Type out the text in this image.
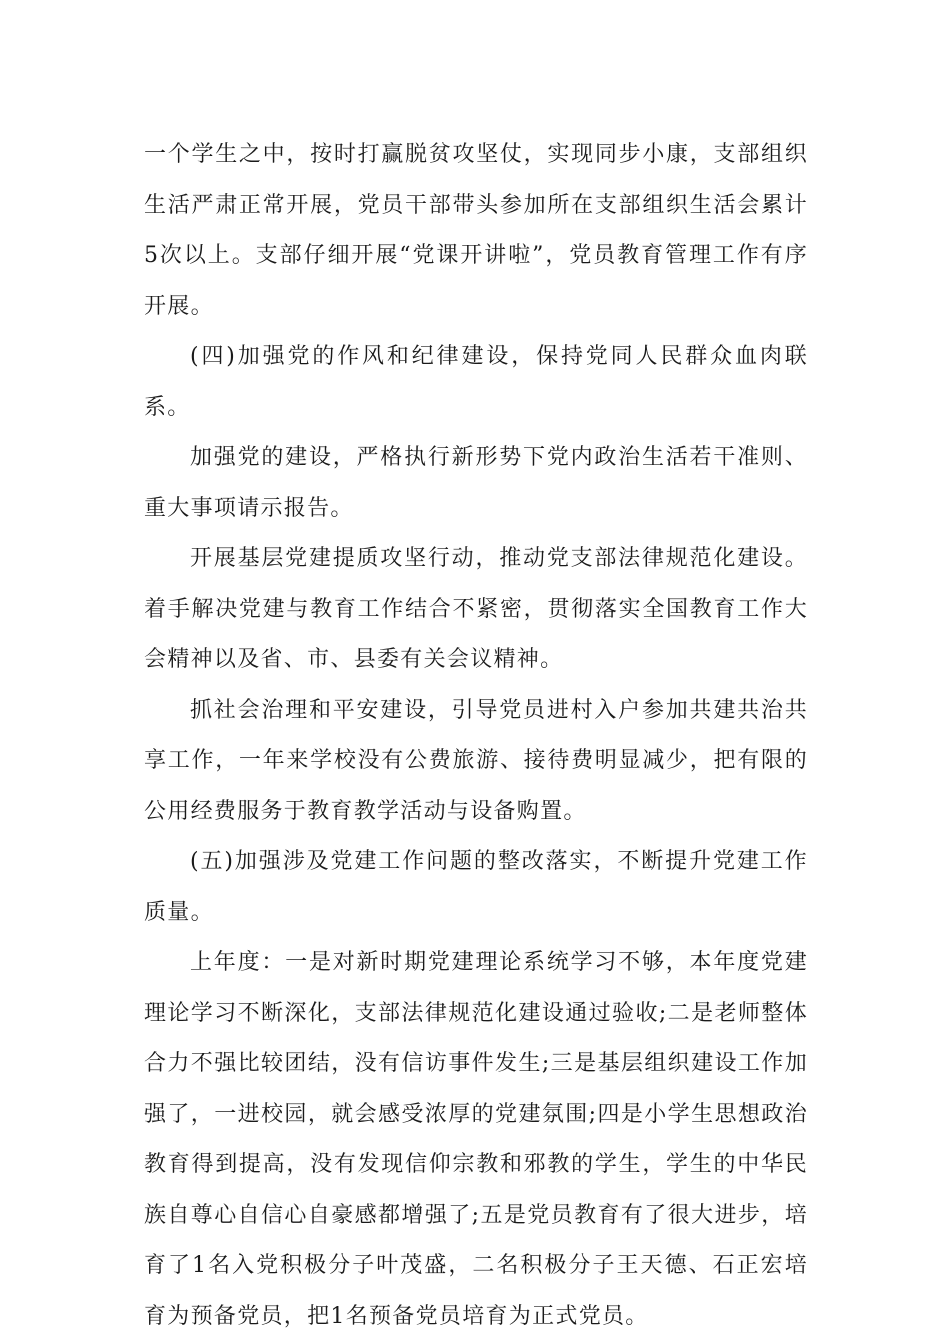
一个学生之中，按时打赢脱贫攻坚仗，实现同步小康，支部组织生活严肃正常开展，党员干部带头参加所在支部组织生活会累计5次以上。支部仔细开展“党课开讲啦”，党员教育管理工作有序开展。

(四)加强党的作风和纪律建设，保持党同人民群众血肉联系。

加强党的建设，严格执行新形势下党内政治生活若干准则、重大事项请示报告。

开展基层党建提质攻坚行动，推动党支部法律规范化建设。着手解决党建与教育工作结合不紧密，贯彻落实全国教育工作大会精神以及省、市、县委有关会议精神。

抓社会治理和平安建设，引导党员进村入户参加共建共治共享工作，一年来学校没有公费旅游、接待费明显减少，把有限的公用经费服务于教育教学活动与设备购置。

(五)加强涉及党建工作问题的整改落实，不断提升党建工作质量。

上年度：一是对新时期党建理论系统学习不够，本年度党建理论学习不断深化，支部法律规范化建设通过验收;二是老师整体合力不强比较团结，没有信访事件发生;三是基层组织建设工作加强了，一进校园，就会感受浓厚的党建氛围;四是小学生思想政治教育得到提高，没有发现信仰宗教和邪教的学生，学生的中华民族自尊心自信心自豪感都增强了;五是党员教育有了很大进步，培育了1名入党积极分子叶茂盛，二名积极分子王天德、石正宏培育为预备党员，把1名预备党员培育为正式党员。
